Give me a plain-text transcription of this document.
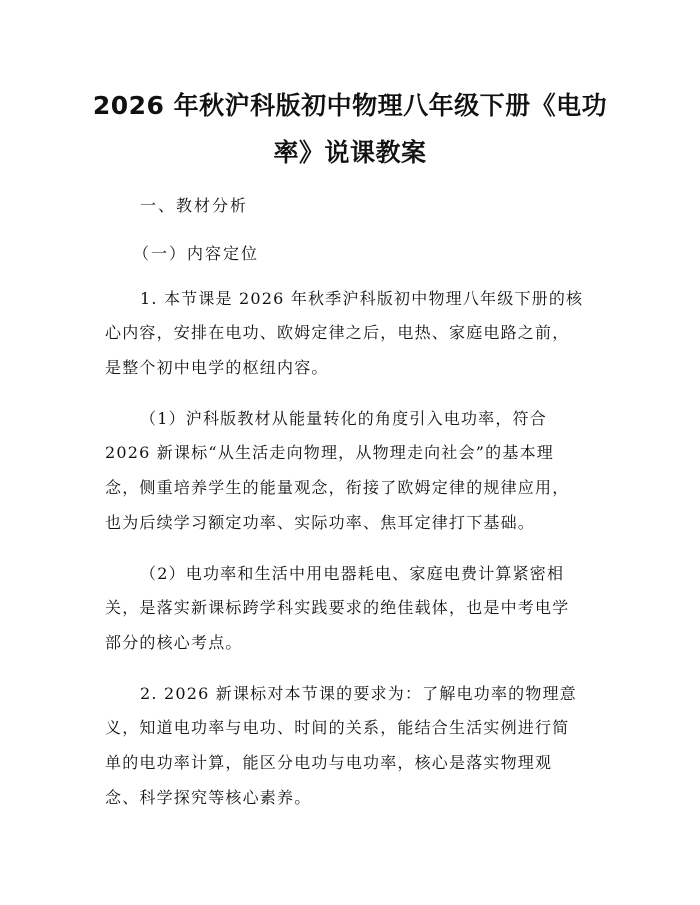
2026 年秋沪科版初中物理八年级下册《电功
率》说课教案
一、教材分析
（一）内容定位
1. 本节课是 2026 年秋季沪科版初中物理八年级下册的核
心内容，安排在电功、欧姆定律之后，电热、家庭电路之前，
是整个初中电学的枢纽内容。
（1）沪科版教材从能量转化的角度引入电功率，符合
2026 新课标“从生活走向物理，从物理走向社会”的基本理
念，侧重培养学生的能量观念，衔接了欧姆定律的规律应用，
也为后续学习额定功率、实际功率、焦耳定律打下基础。
（2）电功率和生活中用电器耗电、家庭电费计算紧密相
关，是落实新课标跨学科实践要求的绝佳载体，也是中考电学
部分的核心考点。
2. 2026 新课标对本节课的要求为：了解电功率的物理意
义，知道电功率与电功、时间的关系，能结合生活实例进行简
单的电功率计算，能区分电功与电功率，核心是落实物理观
念、科学探究等核心素养。
